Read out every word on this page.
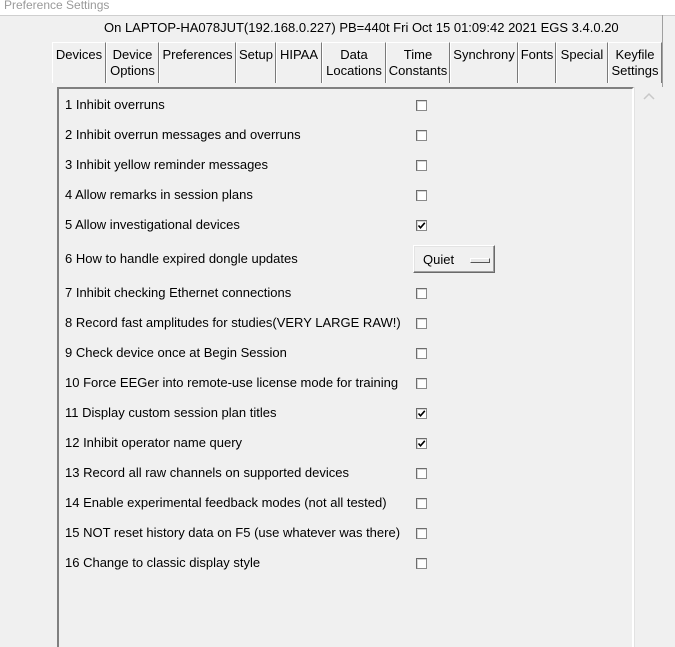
Preference Settings
On LAPTOP-HA078JUT(192.168.0.227) PB=440t Fri Oct 15 01:09:42 2021 EGS 3.4.0.20
Devices Device
Options
Preferences Setup HIPAA	Data
Locations
Time
Constants
Synchrony Fonts Special Keyfile
Settings
1 Inhibit overruns
2 Inhibit overrun messages and overruns
3 Inhibit yellow reminder messages
4 Allow remarks in session plans
5 Allow investigational devices
6 How to handle expired dongle updates	Quiet
7 Inhibit checking Ethernet connections
8 Record fast amplitudes for studies(VERY LARGE RAW!)
9 Check device once at Begin Session
10 Force EEGer into remote-use license mode for training
11 Display custom session plan titles
12 Inhibit operator name query
13 Record all raw channels on supported devices
14 Enable experimental feedback modes (not all tested)
15 NOT reset history data on F5 (use whatever was there)
16 Change to classic display style
